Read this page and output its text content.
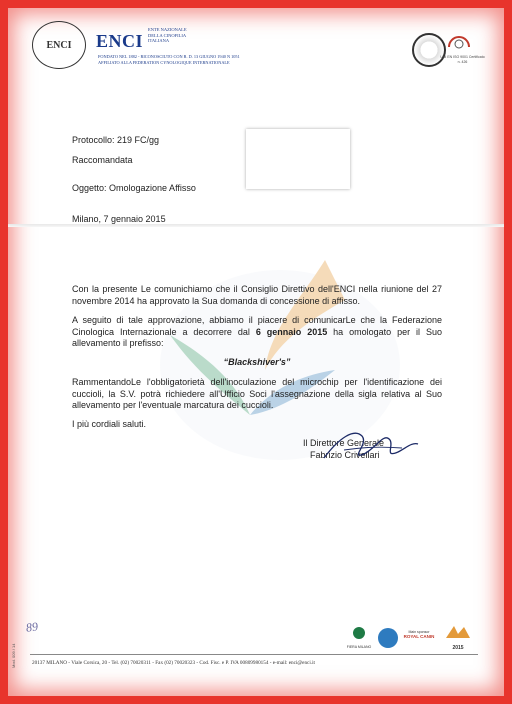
ENCI ENCI
ENTE NAZIONALE
DELLA CINOFILIA
ITALIANA
FONDATO NEL 1882 - RICONOSCIUTO CON R. D. 13 GIUGNO 1940 N 1051
AFFILIATO ALLA FEDERATION CYNOLOGIQUE INTERNATIONALE
UNI EN ISO 9001 Certificato n. 426
Protocollo: 219 FC/gg
Raccomandata
Oggetto: Omologazione Affisso
Milano, 7 gennaio 2015
Con la presente Le comunichiamo che il Consiglio Direttivo dell'ENCI nella riunione del 27 novembre 2014 ha approvato la Sua domanda di concessione di affisso.
A seguito di tale approvazione, abbiamo il piacere di comunicarLe che la Federazione Cinologica Internazionale a decorrere dal 6 gennaio 2015 ha omologato per il Suo allevamento il prefisso:
“Blackshiver's”
RammentandoLe l'obbligatorietà dell'inoculazione del microchip per l'identificazione dei cuccioli, la S.V. potrà richiedere all'Ufficio Soci l'assegnazione della sigla relativa al Suo allevamento per l'eventuale marcatura dei cuccioli.
I più cordiali saluti.
Il Direttore Generale
Fabrizio Crivellari
89
Mod. 009 / 14	20137 MILANO - Viale Corsica, 20 - Tel. (02) 70020311 - Fax (02) 70020323 - Cod. Fisc. e P. IVA 00809980154 - e-mail: enci@enci.it
FIERA MILANO
Main sponsor
ROYAL CANIN
2015
